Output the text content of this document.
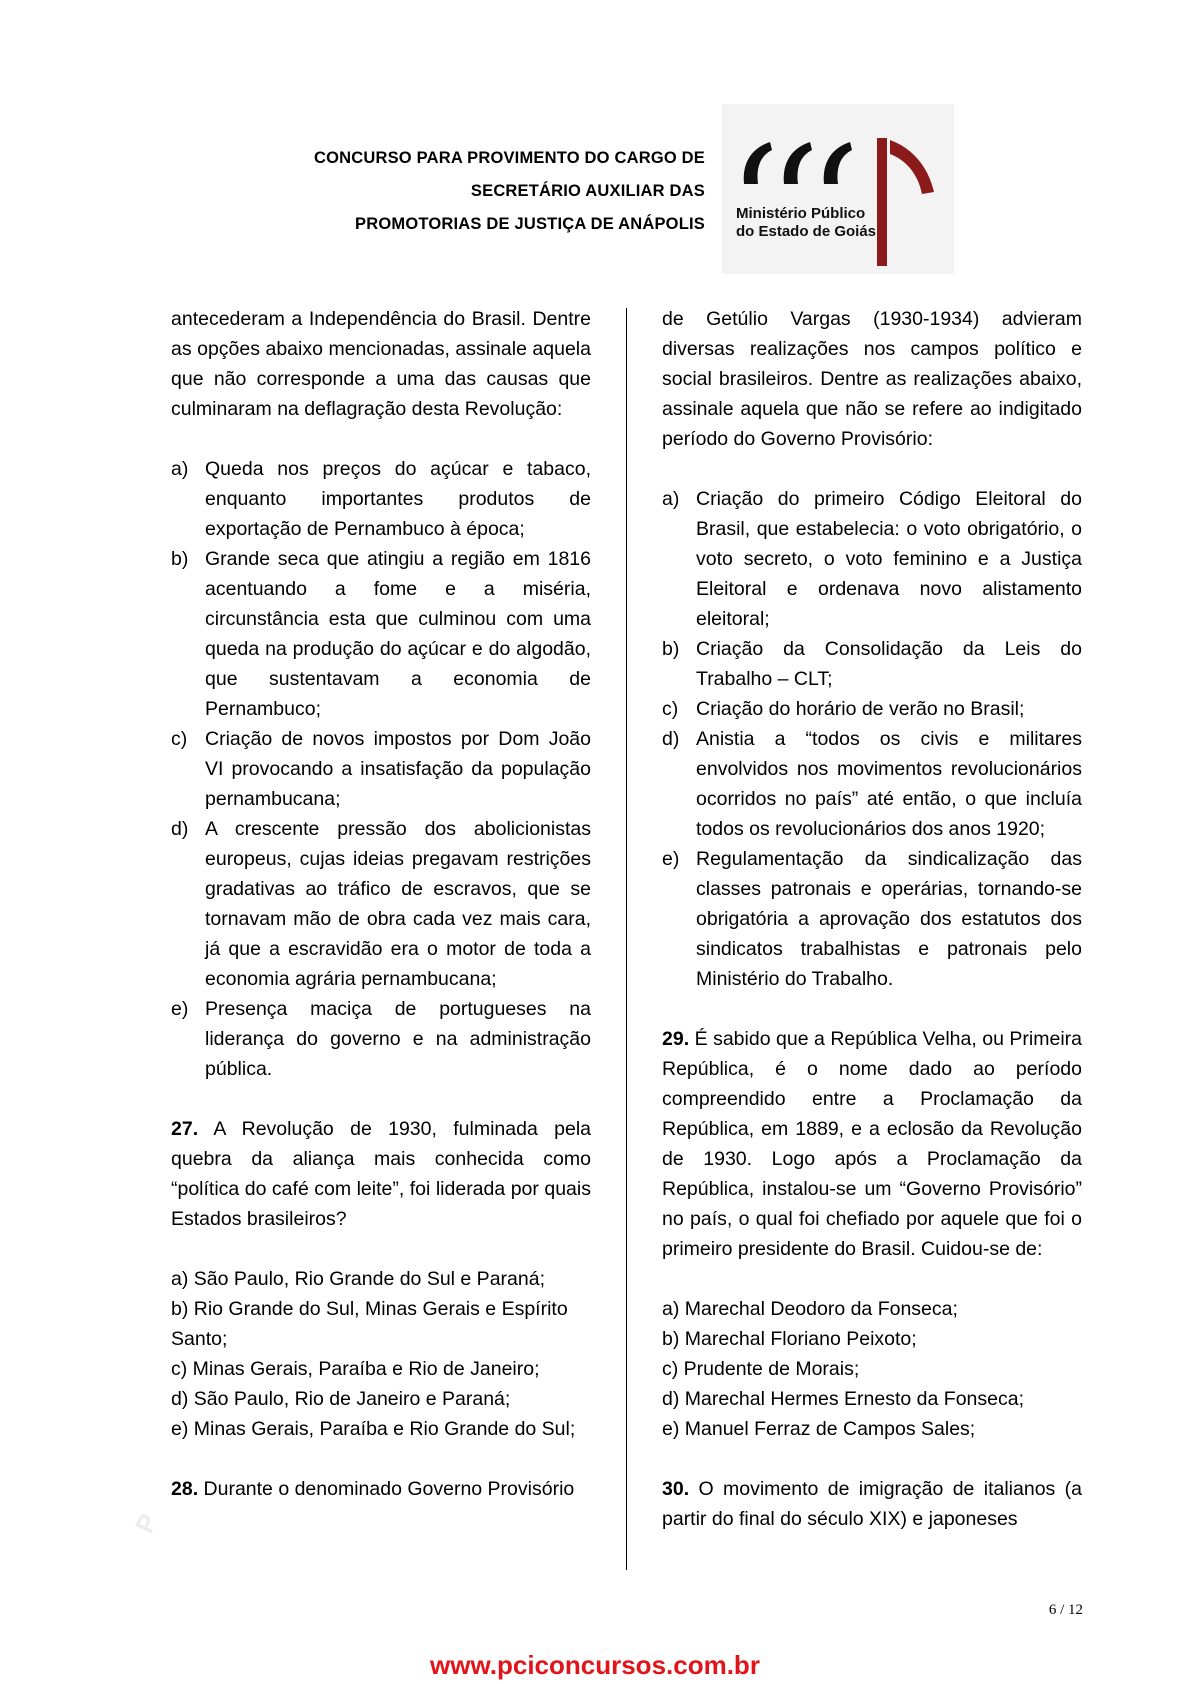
CONCURSO PARA PROVIMENTO DO CARGO DE
SECRETÁRIO AUXILIAR DAS
PROMOTORIAS DE JUSTIÇA DE ANÁPOLIS
Ministério Público
do Estado de Goiás
P

antecederam a Independência do Brasil. Dentre as opções abaixo mencionadas, assinale aquela que não corresponde a uma das causas que culminaram na deflagração desta Revolução:

a) Queda nos preços do açúcar e tabaco, enquanto importantes produtos de exportação de Pernambuco à época;
b) Grande seca que atingiu a região em 1816 acentuando a fome e a miséria, circunstância esta que culminou com uma queda na produção do açúcar e do algodão, que sustentavam a economia de Pernambuco;
c) Criação de novos impostos por Dom João VI provocando a insatisfação da população pernambucana;
d) A crescente pressão dos abolicionistas europeus, cujas ideias pregavam restrições gradativas ao tráfico de escravos, que se tornavam mão de obra cada vez mais cara, já que a escravidão era o motor de toda a economia agrária pernambucana;
e) Presença maciça de portugueses na liderança do governo e na administração pública.

27. A Revolução de 1930, fulminada pela quebra da aliança mais conhecida como “política do café com leite”, foi liderada por quais Estados brasileiros?

a) São Paulo, Rio Grande do Sul e Paraná;
b) Rio Grande do Sul, Minas Gerais e Espírito Santo;
c) Minas Gerais, Paraíba e Rio de Janeiro;
d) São Paulo, Rio de Janeiro e Paraná;
e) Minas Gerais, Paraíba e Rio Grande do Sul;

28. Durante o denominado Governo Provisório

de Getúlio Vargas (1930-1934) advieram diversas realizações nos campos político e social brasileiros. Dentre as realizações abaixo, assinale aquela que não se refere ao indigitado período do Governo Provisório:

a) Criação do primeiro Código Eleitoral do Brasil, que estabelecia: o voto obrigatório, o voto secreto, o voto feminino e a Justiça Eleitoral e ordenava novo alistamento eleitoral;
b) Criação da Consolidação da Leis do Trabalho – CLT;
c) Criação do horário de verão no Brasil;
d) Anistia a “todos os civis e militares envolvidos nos movimentos revolucionários ocorridos no país” até então, o que incluía todos os revolucionários dos anos 1920;
e) Regulamentação da sindicalização das classes patronais e operárias, tornando-se obrigatória a aprovação dos estatutos dos sindicatos trabalhistas e patronais pelo Ministério do Trabalho.

29. É sabido que a República Velha, ou Primeira República, é o nome dado ao período compreendido entre a Proclamação da República, em 1889, e a eclosão da Revolução de 1930. Logo após a Proclamação da República, instalou-se um “Governo Provisório” no país, o qual foi chefiado por aquele que foi o primeiro presidente do Brasil. Cuidou-se de:

a) Marechal Deodoro da Fonseca;
b) Marechal Floriano Peixoto;
c) Prudente de Morais;
d) Marechal Hermes Ernesto da Fonseca;
e) Manuel Ferraz de Campos Sales;

30. O movimento de imigração de italianos (a partir do final do século XIX) e japoneses

6 / 12
www.pciconcursos.com.br
